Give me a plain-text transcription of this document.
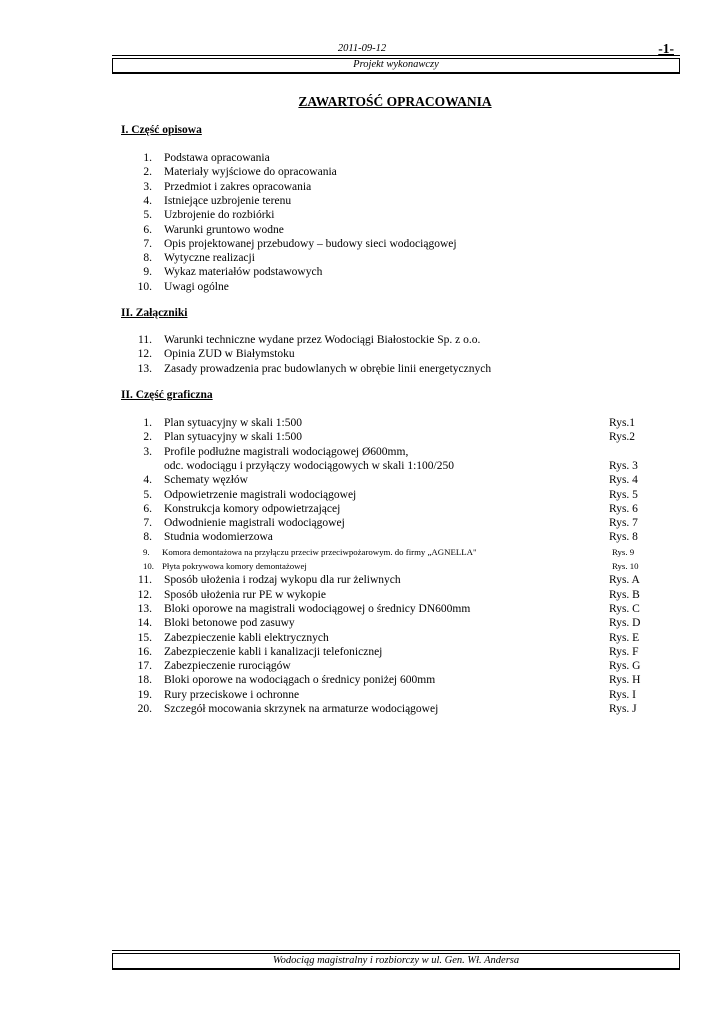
2011-09-12	-1-
Projekt wykonawczy
ZAWARTOŚĆ OPRACOWANIA
I. Część opisowa
1. Podstawa opracowania
2. Materiały wyjściowe do opracowania
3. Przedmiot i zakres opracowania
4. Istniejące uzbrojenie terenu
5. Uzbrojenie do rozbiórki
6. Warunki gruntowo wodne
7. Opis projektowanej przebudowy – budowy sieci wodociągowej
8. Wytyczne realizacji
9. Wykaz materiałów podstawowych
10. Uwagi ogólne
II. Załączniki
11. Warunki techniczne wydane przez Wodociągi Białostockie Sp. z o.o.
12. Opinia ZUD w Białymstoku
13. Zasady prowadzenia prac budowlanych w obrębie linii energetycznych
II. Część graficzna
1. Plan sytuacyjny w skali 1:500	Rys.1
2. Plan sytuacyjny w skali 1:500	Rys.2
3. Profile podłużne magistrali wodociągowej Ø600mm,
odc. wodociągu i przyłączy wodociągowych w skali 1:100/250	Rys. 3
4. Schematy węzłów	Rys. 4
5. Odpowietrzenie magistrali wodociągowej	Rys. 5
6. Konstrukcja komory odpowietrzającej	Rys. 6
7. Odwodnienie magistrali wodociągowej	Rys. 7
8. Studnia wodomierzowa	Rys. 8
9. Komora demontażowa na przyłączu przeciw przeciwpożarowym. do firmy „AGNELLA"	Rys. 9
10. Płyta pokrywowa komory demontażowej	Rys. 10
11. Sposób ułożenia i rodzaj wykopu dla rur żeliwnych	Rys. A
12. Sposób ułożenia rur PE w wykopie	Rys. B
13. Bloki oporowe na magistrali wodociągowej o średnicy DN600mm	Rys. C
14. Bloki betonowe pod zasuwy	Rys. D
15. Zabezpieczenie kabli elektrycznych	Rys. E
16. Zabezpieczenie kabli i kanalizacji telefonicznej	Rys. F
17. Zabezpieczenie rurociągów	Rys. G
18. Bloki oporowe na wodociągach o średnicy poniżej 600mm	Rys. H
19. Rury przeciskowe i ochronne	Rys. I
20. Szczegół mocowania skrzynek na armaturze wodociągowej	Rys. J
Wodociąg magistralny i rozbiorczy w ul. Gen. Wł. Andersa
